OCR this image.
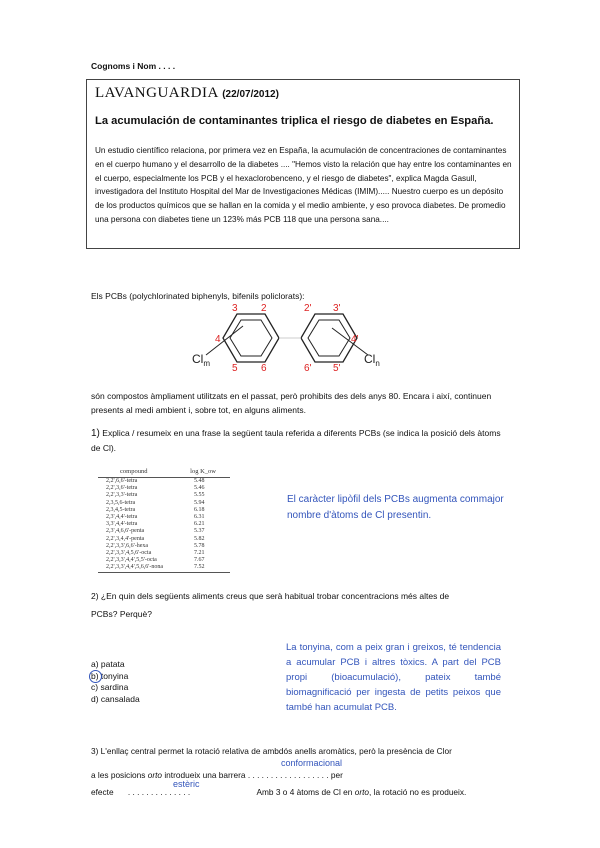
Cognoms i Nom . . . .
LAVANGUARDIA (22/07/2012)
La acumulación de contaminantes triplica el riesgo de diabetes en España.
Un estudio científico relaciona, por primera vez en España, la acumulación de concentraciones de contaminantes en el cuerpo humano y el desarrollo de la diabetes .... "Hemos visto la relación que hay entre los contaminantes en el cuerpo, especialmente los PCB y el hexaclorobenceno, y el riesgo de diabetes", explica Magda Gasull, investigadora del Instituto Hospital del Mar de Investigaciones Médicas (IMIM)..... Nuestro cuerpo es un depósito de los productos químicos que se hallan en la comida y el medio ambiente, y eso provoca diabetes. De promedio una persona con diabetes tiene un 123% más PCB 118 que una persona sana....
Els PCBs (polychlorinated biphenyls, bifenils policlorats):
3 2
4
5 6
2' 3'
4'
6' 5'
$Cl_m$	$Cl_n$
són compostos àmpliament utilitzats en el passat, però prohibits des dels anys 80. Encara i així, continuen presents al medi ambient i, sobre tot, en alguns aliments.
1) Explica / resumeix en una frase la següent taula referida a diferents PCBs (se indica la posició dels àtoms de Cl).
compound	log K_ow
2,2',6,6'-tetra	5.48
2,2',3,6'-tetra	5.46
2,2',3,3'-tetra	5.55
2,3,5,6-tetra	5.94
2,3,4,5-tetra	6.18
2,3',4,4'-tetra	6.31
3,3',4,4'-tetra	6.21
2,3',4,6,6'-penta	5.37
2,2',3,4,4'-penta	5.82
2,2',3,3',6,6'-hexa	5.78
2,2',3,3',4,5,6'-octa	7.21
2,2',3,3',4,4',5,5'-octa	7.67
2,2',3,3',4,4',5,6,6'-nona	7.52
El caràcter lipòfil dels PCBs augmenta commajor nombre d'àtoms de Cl presentin.
2) ¿En quin dels següents aliments creus que serà habitual trobar concentracions més altes de
PCBs? Perquè?
La tonyina, com a peix gran i greixos, té tendencia a acumular PCB i altres tòxics. A part del PCB propi (bioacumulació), pateix també biomagnificació per ingesta de petits peixos que també han acumulat PCB.
a) patata
b) tonyina
c) sardina
d) cansalada
3) L'enllaç central permet la rotació relativa de ambdós anells aromàtics, però la presència de Clor
conformacional
a les posicions orto introdueix una barrera . . . . . . . . . . . . . . . . . . per
estèric
efecte . . . . . . . . . . . . . .	Amb 3 o 4 àtoms de Cl en orto, la rotació no es produeix.
